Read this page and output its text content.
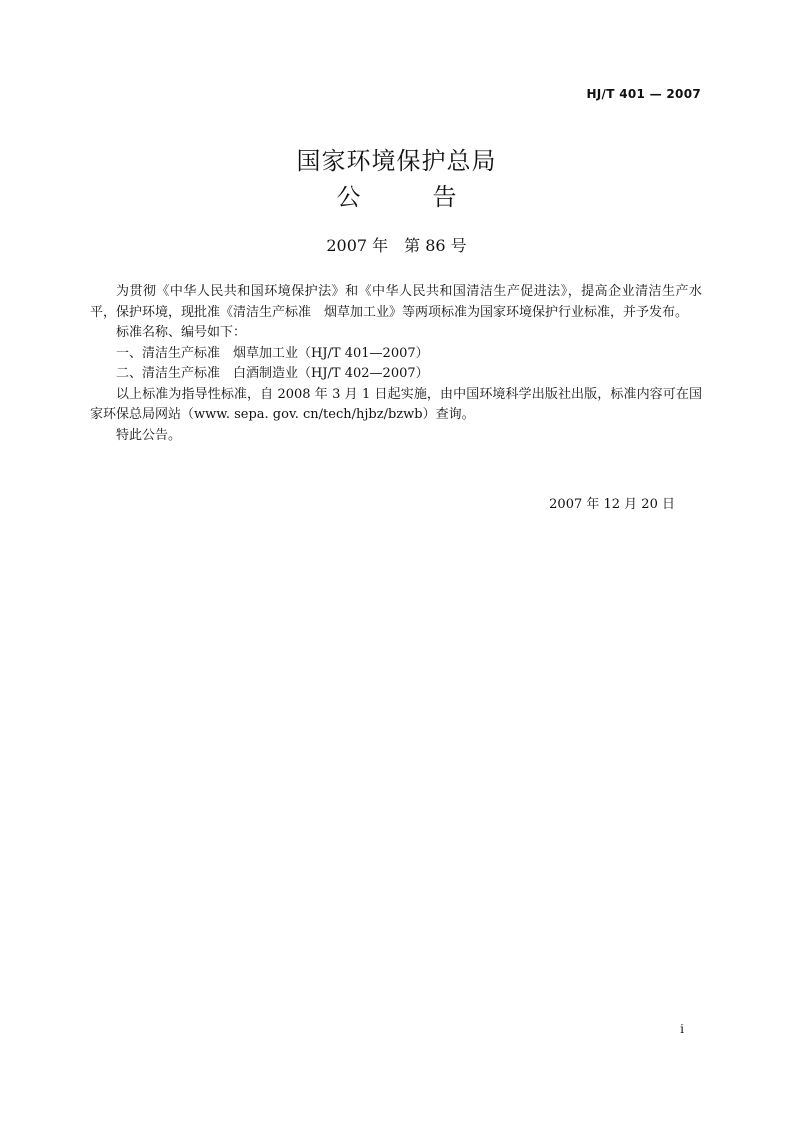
HJ/T 401 — 2007
国家环境保护总局
公　　　告
2007 年　第 86 号

为贯彻《中华人民共和国环境保护法》和《中华人民共和国清洁生产促进法》，提高企业清洁生产水平，保护环境，现批准《清洁生产标准　烟草加工业》等两项标准为国家环境保护行业标准，并予发布。

标准名称、编号如下：

一、清洁生产标准　烟草加工业（HJ/T 401—2007）

二、清洁生产标准　白酒制造业（HJ/T 402—2007）

以上标准为指导性标准，自 2008 年 3 月 1 日起实施，由中国环境科学出版社出版，标准内容可在国家环保总局网站（www. sepa. gov. cn/tech/hjbz/bzwb）查询。

特此公告。

2007 年 12 月 20 日
i
